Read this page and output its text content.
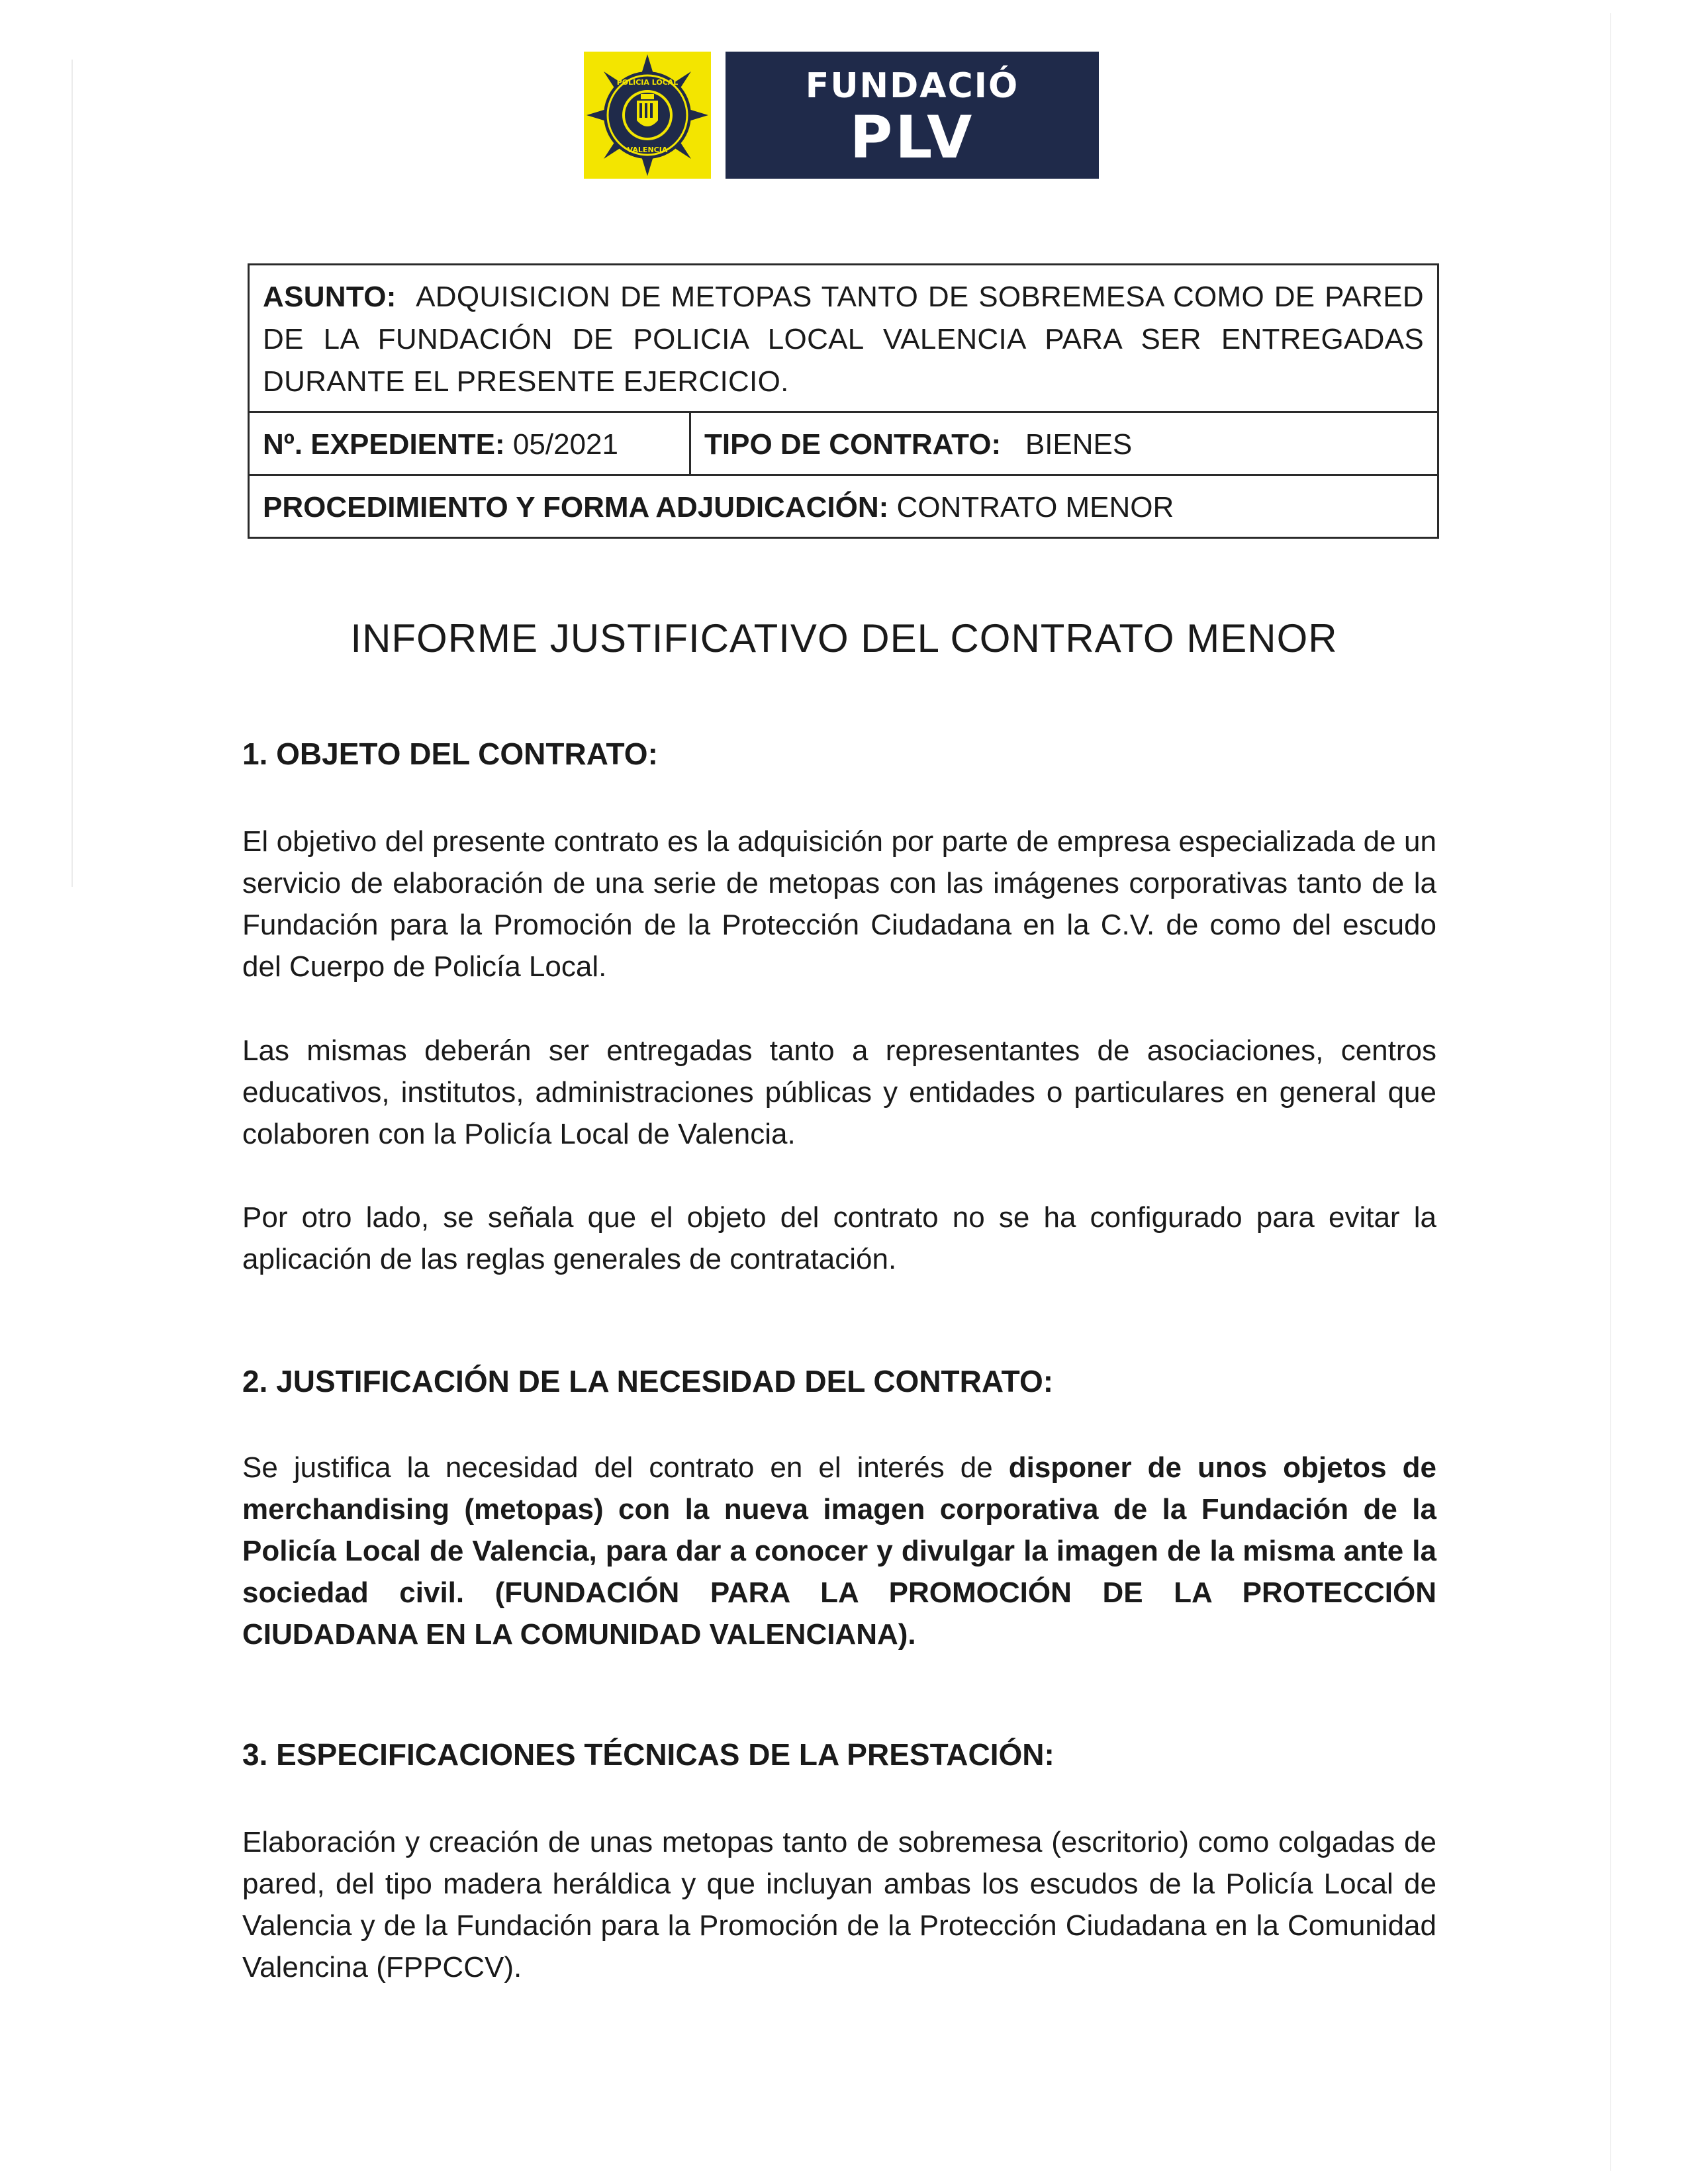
POLICIA LOCAL
VALENCIA
FUNDACIÓ
PLV
ASUNTO: ADQUISICION DE METOPAS TANTO DE SOBREMESA COMO DE PARED DE LA FUNDACIÓN DE POLICIA LOCAL VALENCIA PARA SER ENTREGADAS DURANTE EL PRESENTE EJERCICIO.
Nº. EXPEDIENTE: 05/2021	TIPO DE CONTRATO: BIENES
PROCEDIMIENTO Y FORMA ADJUDICACIÓN: CONTRATO MENOR
INFORME JUSTIFICATIVO DEL CONTRATO MENOR
1. OBJETO DEL CONTRATO:
El objetivo del presente contrato es la adquisición por parte de empresa especializada de un servicio de elaboración de una serie de metopas con las imágenes corporativas tanto de la Fundación para la Promoción de la Protección Ciudadana en la C.V. de como del escudo del Cuerpo de Policía Local.
Las mismas deberán ser entregadas tanto a representantes de asociaciones, centros educativos, institutos, administraciones públicas y entidades o particulares en general que colaboren con la Policía Local de Valencia.
Por otro lado, se señala que el objeto del contrato no se ha configurado para evitar la aplicación de las reglas generales de contratación.
2. JUSTIFICACIÓN DE LA NECESIDAD DEL CONTRATO:
Se justifica la necesidad del contrato en el interés de disponer de unos objetos de merchandising (metopas) con la nueva imagen corporativa de la Fundación de la Policía Local de Valencia, para dar a conocer y divulgar la imagen de la misma ante la sociedad civil. (FUNDACIÓN PARA LA PROMOCIÓN DE LA PROTECCIÓN CIUDADANA EN LA COMUNIDAD VALENCIANA).
3. ESPECIFICACIONES TÉCNICAS DE LA PRESTACIÓN:
Elaboración y creación de unas metopas tanto de sobremesa (escritorio) como colgadas de pared, del tipo madera heráldica y que incluyan ambas los escudos de la Policía Local de Valencia y de la Fundación para la Promoción de la Protección Ciudadana en la Comunidad Valencina (FPPCCV).
